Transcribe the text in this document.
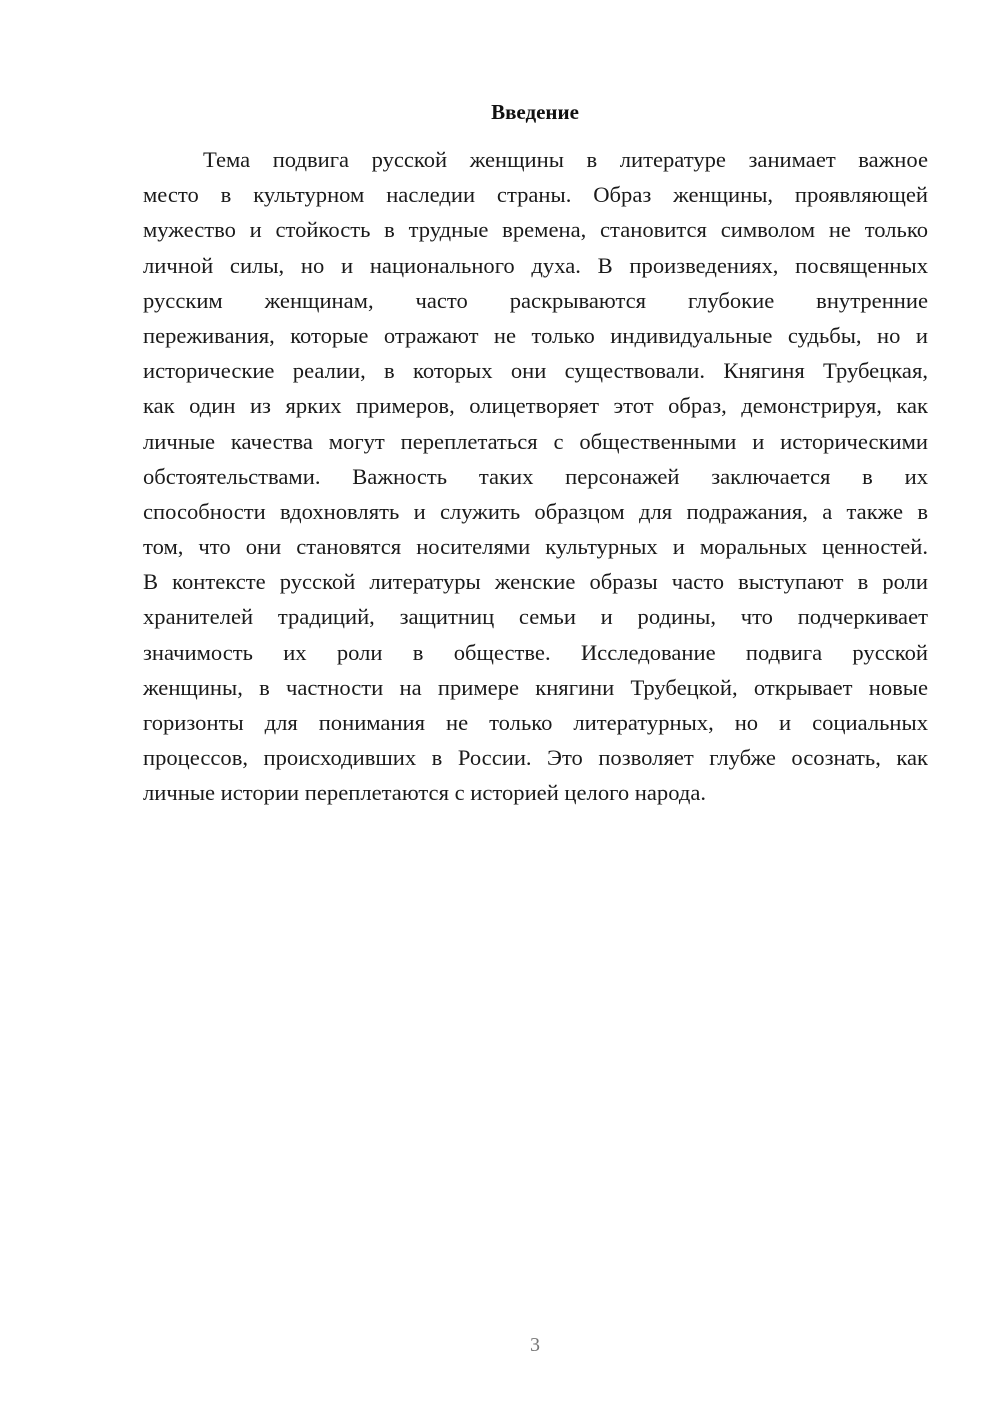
Введение
Тема подвига русской женщины в литературе занимает важное
место в культурном наследии страны. Образ женщины, проявляющей
мужество и стойкость в трудные времена, становится символом не только
личной силы, но и национального духа. В произведениях, посвященных
русским женщинам, часто раскрываются глубокие внутренние
переживания, которые отражают не только индивидуальные судьбы, но и
исторические реалии, в которых они существовали. Княгиня Трубецкая,
как один из ярких примеров, олицетворяет этот образ, демонстрируя, как
личные качества могут переплетаться с общественными и историческими
обстоятельствами. Важность таких персонажей заключается в их
способности вдохновлять и служить образцом для подражания, а также в
том, что они становятся носителями культурных и моральных ценностей.
В контексте русской литературы женские образы часто выступают в роли
хранителей традиций, защитниц семьи и родины, что подчеркивает
значимость их роли в обществе. Исследование подвига русской
женщины, в частности на примере княгини Трубецкой, открывает новые
горизонты для понимания не только литературных, но и социальных
процессов, происходивших в России. Это позволяет глубже осознать, как
личные истории переплетаются с историей целого народа.
3
